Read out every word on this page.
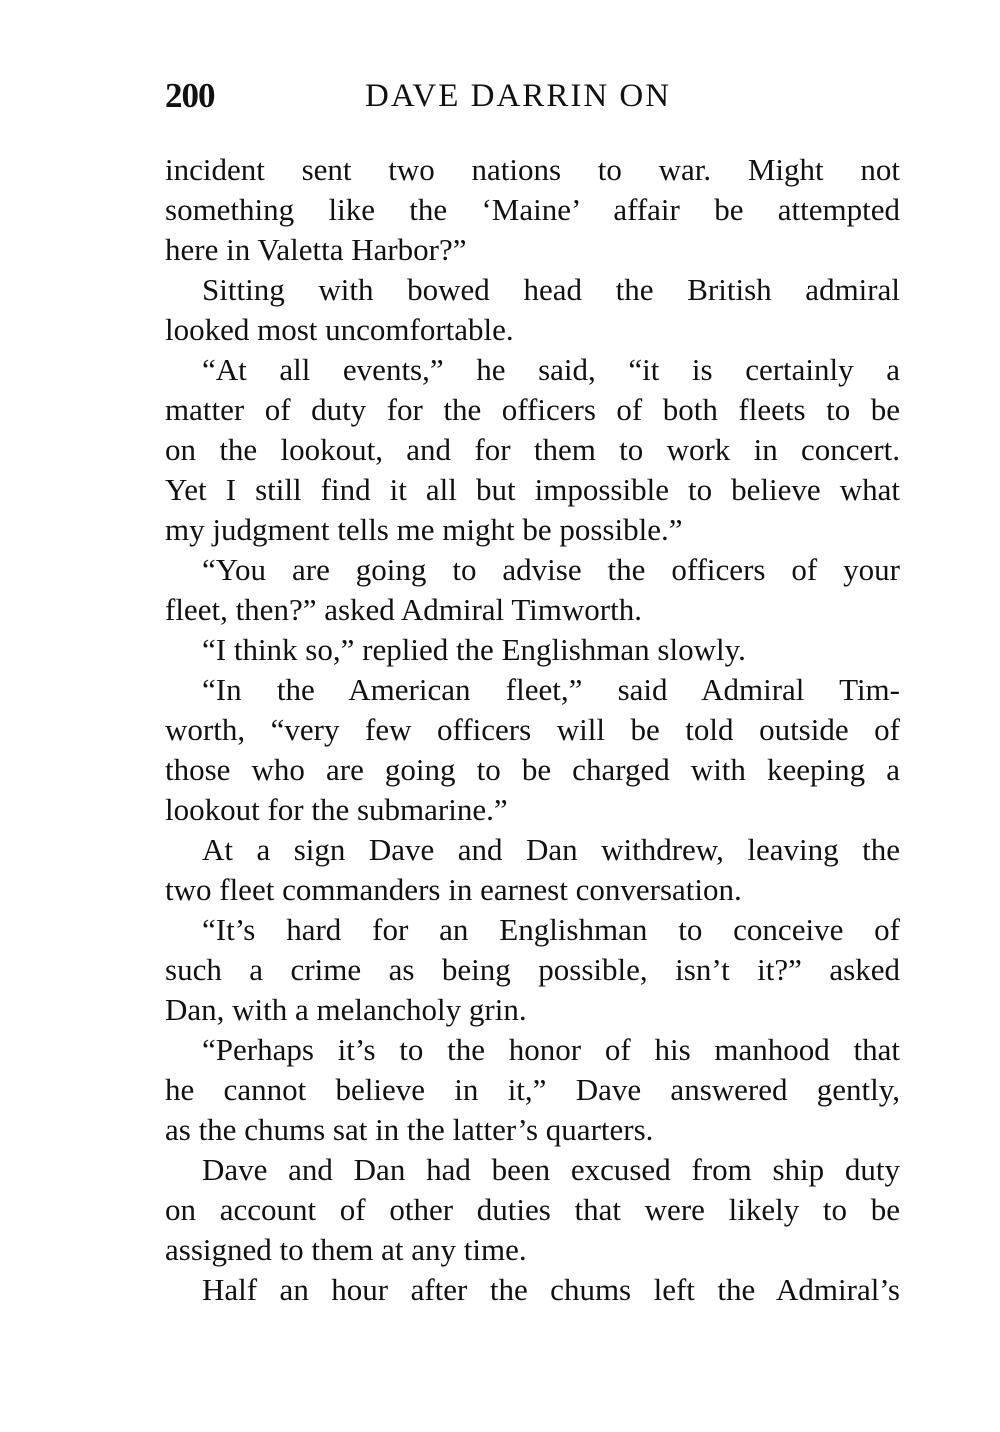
200	DAVE DARRIN ON
incident sent two nations to war. Might not
something like the ‘Maine’ affair be attempted
here in Valetta Harbor?”
Sitting with bowed head the British admiral
looked most uncomfortable.
“At all events,” he said, “it is certainly a
matter of duty for the officers of both fleets to be
on the lookout, and for them to work in concert.
Yet I still find it all but impossible to believe what
my judgment tells me might be possible.”
“You are going to advise the officers of your
fleet, then?” asked Admiral Timworth.
“I think so,” replied the Englishman slowly.
“In the American fleet,” said Admiral Tim-
worth, “very few officers will be told outside of
those who are going to be charged with keeping a
lookout for the submarine.”
At a sign Dave and Dan withdrew, leaving the
two fleet commanders in earnest conversation.
“It’s hard for an Englishman to conceive of
such a crime as being possible, isn’t it?” asked
Dan, with a melancholy grin.
“Perhaps it’s to the honor of his manhood that
he cannot believe in it,” Dave answered gently,
as the chums sat in the latter’s quarters.
Dave and Dan had been excused from ship duty
on account of other duties that were likely to be
assigned to them at any time.
Half an hour after the chums left the Admiral’s
